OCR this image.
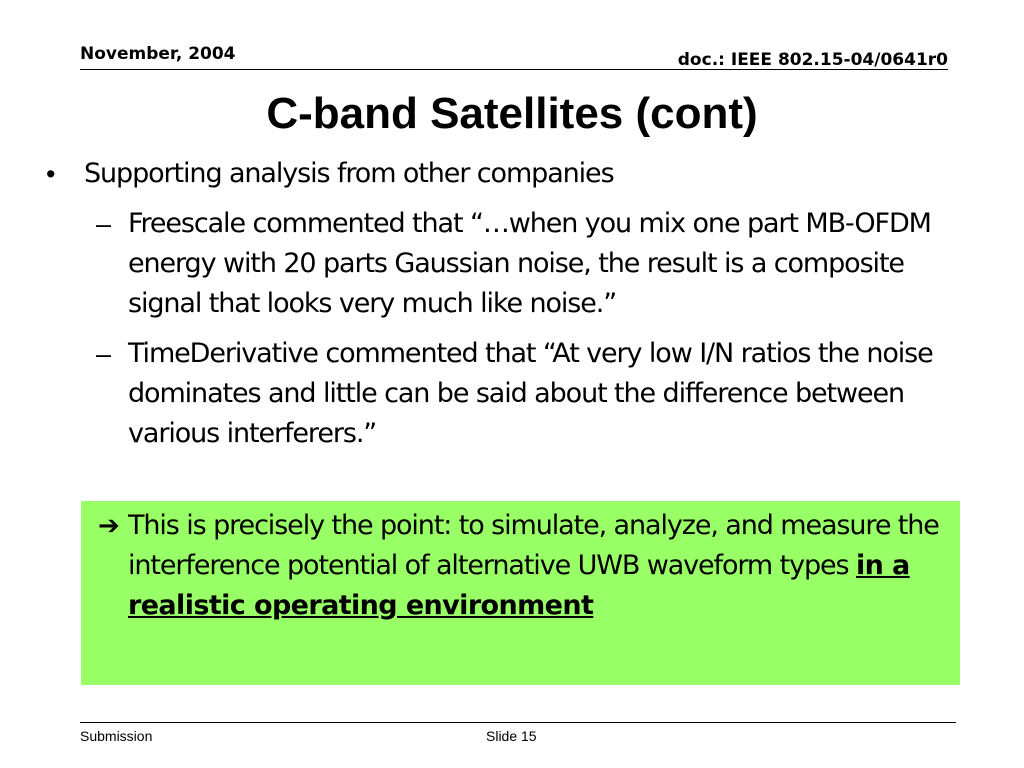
November, 2004	doc.: IEEE 802.15-04/0641r0
C-band Satellites (cont)
• Supporting analysis from other companies
– Freescale commented that “…when you mix one part MB-OFDM energy with 20 parts Gaussian noise, the result is a composite signal that looks very much like noise.”
– TimeDerivative commented that “At very low I/N ratios the noise dominates and little can be said about the difference between various interferers.”
➔ This is precisely the point: to simulate, analyze, and measure the interference potential of alternative UWB waveform types in a realistic operating environment
Submission	Slide 15
